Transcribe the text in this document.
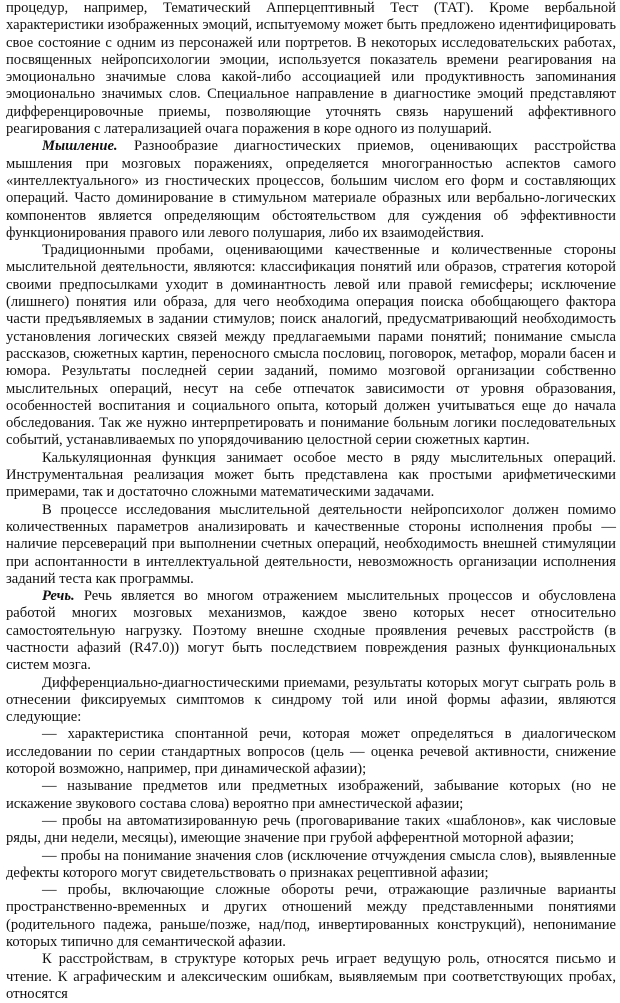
процедур, например, Тематический Апперцептивный Тест (ТАТ). Кроме вербальной характеристики изображенных эмоций, испытуемому может быть предложено идентифицировать свое состояние с одним из персонажей или портретов. В некоторых исследовательских работах, посвященных нейропсихологии эмоции, используется показатель времени реагирования на эмоционально значимые слова какой-либо ассоциацией или продуктивность запоминания эмоционально значимых слов. Специальное направление в диагностике эмоций представляют дифференцировочные приемы, позволяющие уточнять связь нарушений аффективного реагирования с латерализацией очага поражения в коре одного из полушарий.

Мышление. Разнообразие диагностических приемов, оценивающих расстройства мышления при мозговых поражениях, определяется многогранностью аспектов самого «интеллектуального» из гностических процессов, большим числом его форм и составляющих операций. Часто доминирование в стимульном материале образных или вербально-логических компонентов является определяющим обстоятельством для суждения об эффективности функционирования правого или левого полушария, либо их взаимодействия.

Традиционными пробами, оценивающими качественные и количественные стороны мыслительной деятельности, являются: классификация понятий или образов, стратегия которой своими предпосылками уходит в доминантность левой или правой гемисферы; исключение (лишнего) понятия или образа, для чего необходима операция поиска обобщающего фактора части предъявляемых в задании стимулов; поиск аналогий, предусматривающий необходимость установления логических связей между предлагаемыми парами понятий; понимание смысла рассказов, сюжетных картин, переносного смысла пословиц, поговорок, метафор, морали басен и юмора. Результаты последней серии заданий, помимо мозговой организации собственно мыслительных операций, несут на себе отпечаток зависимости от уровня образования, особенностей воспитания и социального опыта, который должен учитываться еще до начала обследования. Так же нужно интерпретировать и понимание больным логики последовательных событий, устанавливаемых по упорядочиванию целостной серии сюжетных картин.

Калькуляционная функция занимает особое место в ряду мыслительных операций. Инструментальная реализация может быть представлена как простыми арифметическими примерами, так и достаточно сложными математическими задачами.

В процессе исследования мыслительной деятельности нейропсихолог должен помимо количественных параметров анализировать и качественные стороны исполнения пробы — наличие персевераций при выполнении счетных операций, необходимость внешней стимуляции при аспонтанности в интеллектуальной деятельности, невозможность организации исполнения заданий теста как программы.

Речь. Речь является во многом отражением мыслительных процессов и обусловлена работой многих мозговых механизмов, каждое звено которых несет относительно самостоятельную нагрузку. Поэтому внешне сходные проявления речевых расстройств (в частности афазий (R47.0)) могут быть последствием повреждения разных функциональных систем мозга.

Дифференциально-диагностическими приемами, результаты которых могут сыграть роль в отнесении фиксируемых симптомов к синдрому той или иной формы афазии, являются следующие:

— характеристика спонтанной речи, которая может определяться в диалогическом исследовании по серии стандартных вопросов (цель — оценка речевой активности, снижение которой возможно, например, при динамической афазии);

— называние предметов или предметных изображений, забывание которых (но не искажение звукового состава слова) вероятно при амнестической афазии;

— пробы на автоматизированную речь (проговаривание таких «шаблонов», как числовые ряды, дни недели, месяцы), имеющие значение при грубой афферентной моторной афазии;

— пробы на понимание значения слов (исключение отчуждения смысла слов), выявленные дефекты которого могут свидетельствовать о признаках рецептивной афазии;

— пробы, включающие сложные обороты речи, отражающие различные варианты пространственно-временных и других отношений между представленными понятиями (родительного падежа, раньше/позже, над/под, инвертированных конструкций), непонимание которых типично для семантической афазии.

К расстройствам, в структуре которых речь играет ведущую роль, относятся письмо и чтение. К аграфическим и алексическим ошибкам, выявляемым при соответствующих пробах, относятся
